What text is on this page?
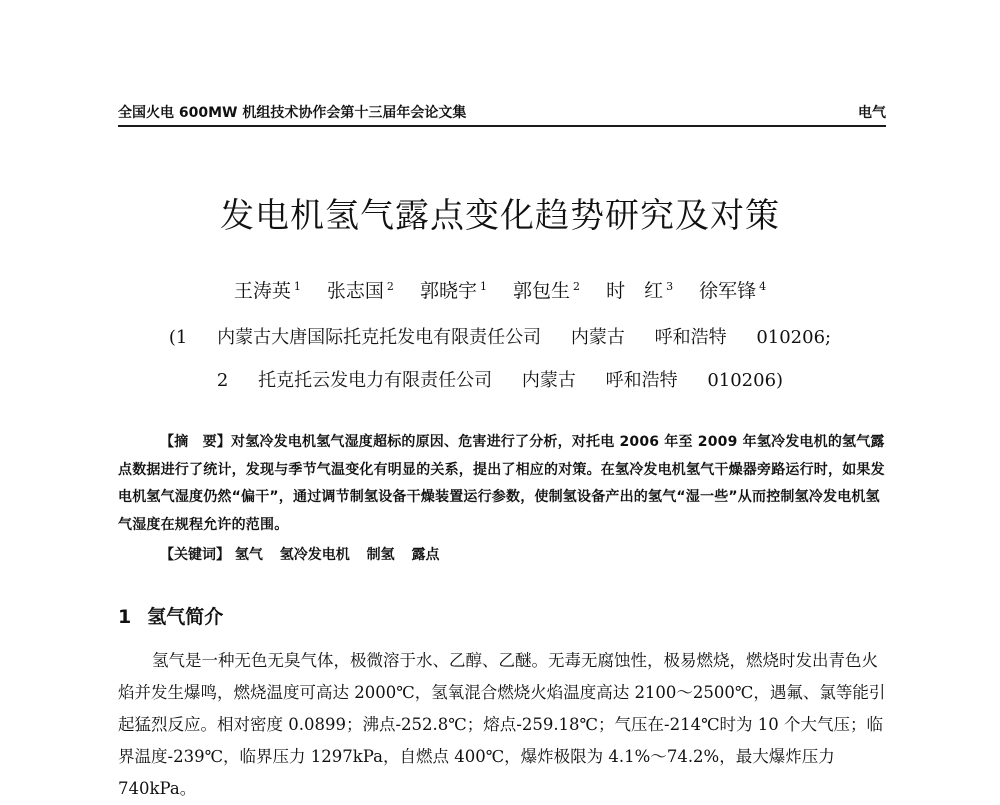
全国火电 600MW 机组技术协作会第十三届年会论文集	电气
发电机氢气露点变化趋势研究及对策
王涛英 $^1$ 张志国 $^2$ 郭晓宇 $^1$ 郭包生 $^2$ 时　红 $^3$ 徐军锋 $^4$
(1 内蒙古大唐国际托克托发电有限责任公司 内蒙古 呼和浩特 010206;
2 托克托云发电力有限责任公司 内蒙古 呼和浩特 010206)
【摘　要】对氢冷发电机氢气湿度超标的原因、危害进行了分析，对托电 2006 年至 2009 年氢冷发电机的氢气露点数据进行了统计，发现与季节气温变化有明显的关系，提出了相应的对策。在氢冷发电机氢气干燥器旁路运行时，如果发电机氢气湿度仍然“偏干”，通过调节制氢设备干燥装置运行参数，使制氢设备产出的氢气“湿一些”从而控制氢冷发电机氢气湿度在规程允许的范围。
【关键词】 氢气 氢冷发电机 制氢 露点
1 氢气简介
氢气是一种无色无臭气体，极微溶于水、乙醇、乙醚。无毒无腐蚀性，极易燃烧，燃烧时发出青色火焰并发生爆鸣，燃烧温度可高达 2000℃，氢氧混合燃烧火焰温度高达 2100～2500℃，遇氟、氯等能引起猛烈反应。相对密度 0.0899；沸点-252.8℃；熔点-259.18℃；气压在-214℃时为 10 个大气压；临界温度-239℃，临界压力 1297kPa，自燃点 400℃，爆炸极限为 4.1%～74.2%，最大爆炸压力 740kPa。
